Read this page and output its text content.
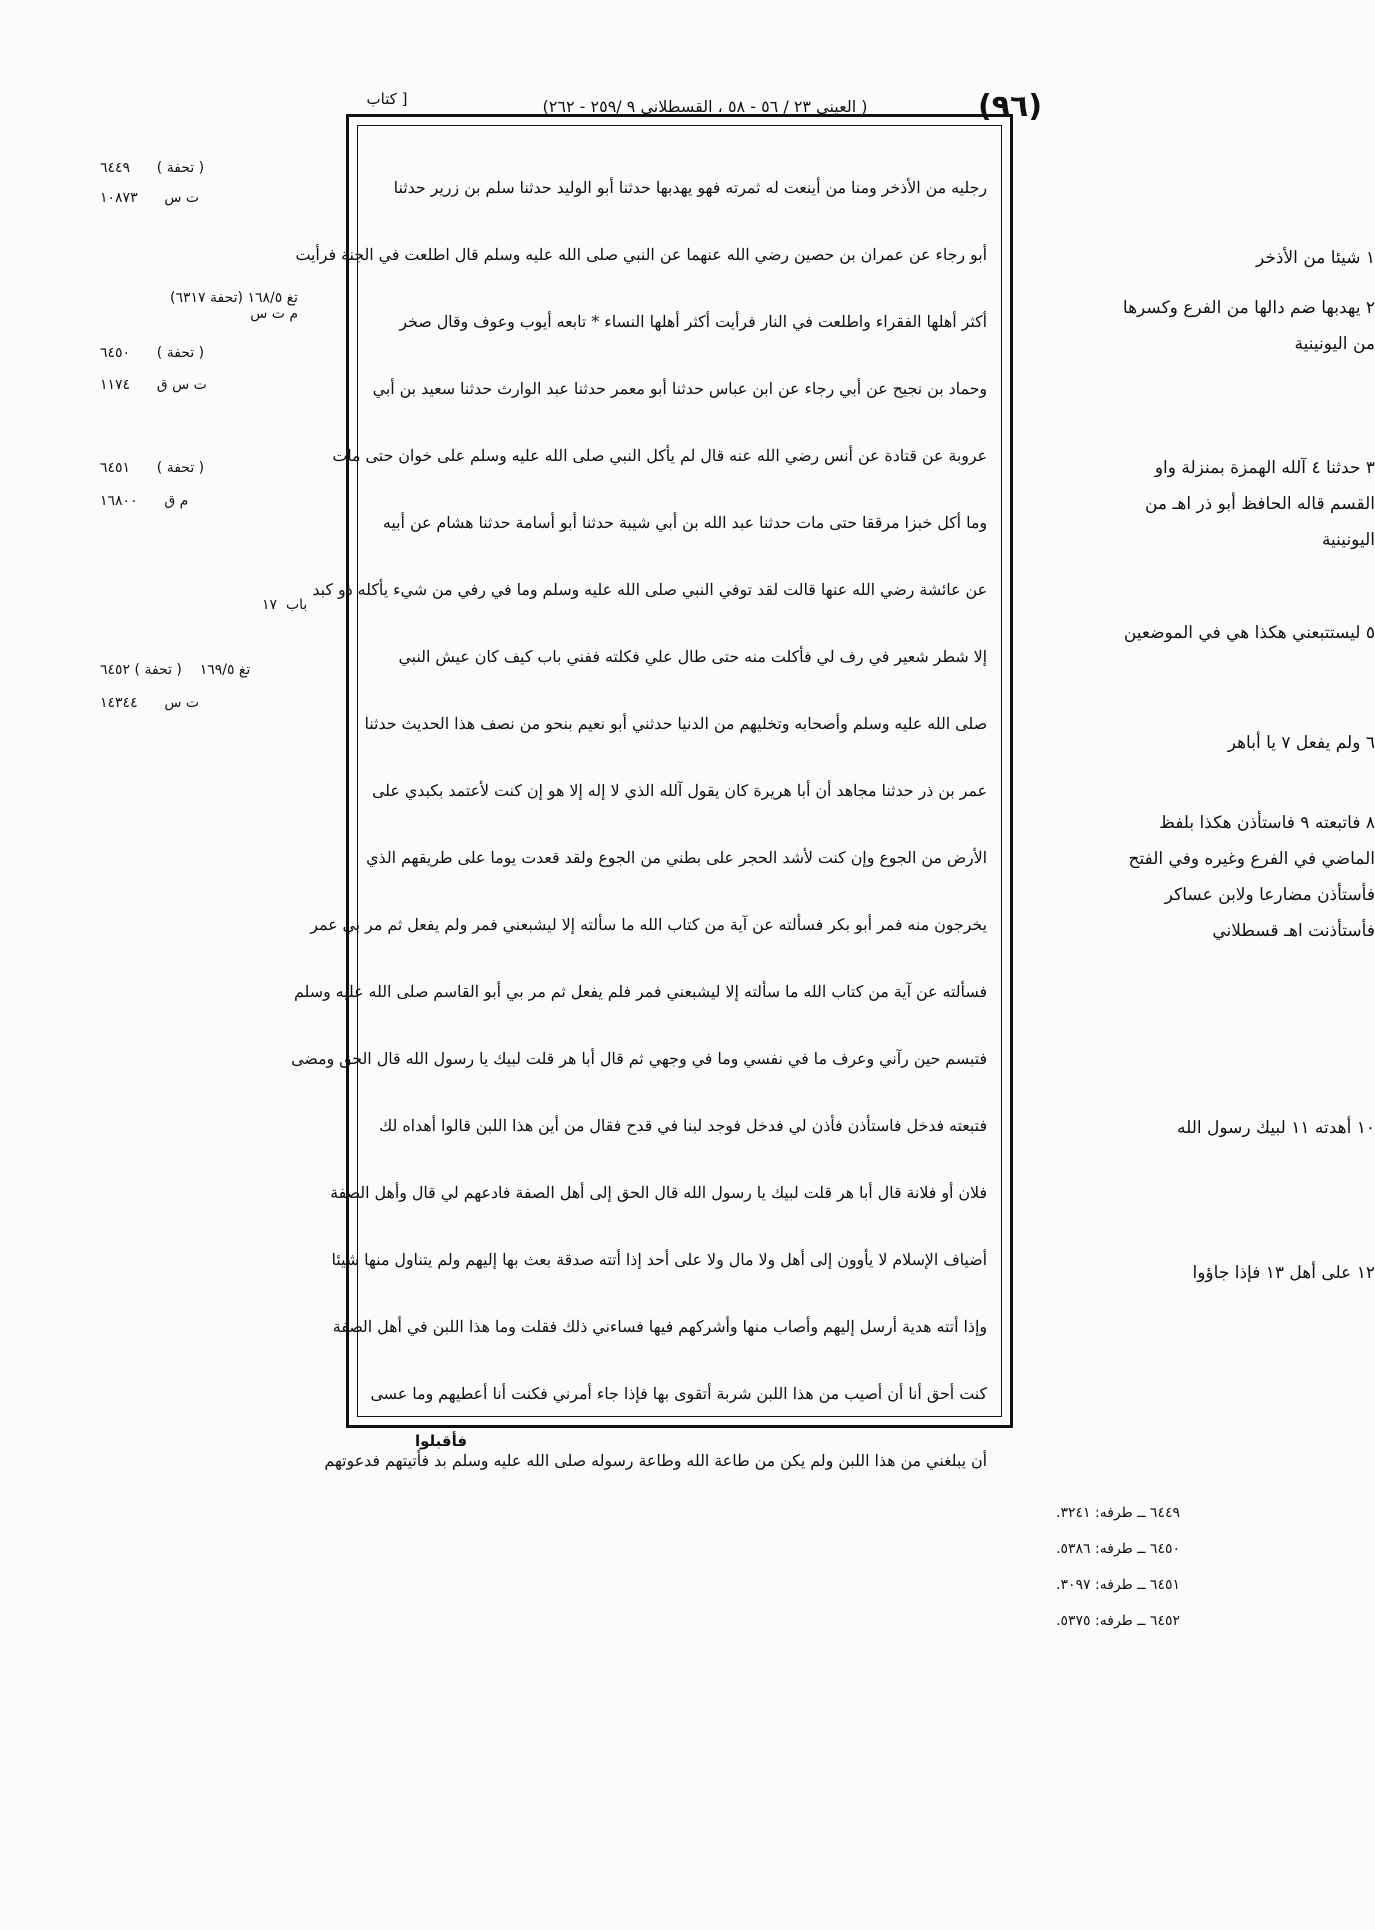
(٩٦)
( العيني ٢٣ / ٥٦ - ٥٨ ، القسطلاني ٩ /٢٥٩ - ٢٦٢)
[ كتاب
رجليه من الأذخر ومنا من أينعت له ثمرته فهو يهدبها حدثنا أبو الوليد حدثنا سلم بن زرير حدثنا
أبو رجاء عن عمران بن حصين رضي الله عنهما عن النبي صلى الله عليه وسلم قال اطلعت في الجنة فرأيت
أكثر أهلها الفقراء واطلعت في النار فرأيت أكثر أهلها النساء * تابعه أيوب وعوف وقال صخر
وحماد بن نجيح عن أبي رجاء عن ابن عباس حدثنا أبو معمر حدثنا عبد الوارث حدثنا سعيد بن أبي
عروبة عن قتادة عن أنس رضي الله عنه قال لم يأكل النبي صلى الله عليه وسلم على خوان حتى مات
وما أكل خبزا مرققا حتى مات حدثنا عبد الله بن أبي شيبة حدثنا أبو أسامة حدثنا هشام عن أبيه
عن عائشة رضي الله عنها قالت لقد توفي النبي صلى الله عليه وسلم وما في رفي من شيء يأكله ذو كبد
إلا شطر شعير في رف لي فأكلت منه حتى طال علي فكلته ففني باب كيف كان عيش النبي
صلى الله عليه وسلم وأصحابه وتخليهم من الدنيا حدثني أبو نعيم بنحو من نصف هذا الحديث حدثنا
عمر بن ذر حدثنا مجاهد أن أبا هريرة كان يقول آلله الذي لا إله إلا هو إن كنت لأعتمد بكبدي على
الأرض من الجوع وإن كنت لأشد الحجر على بطني من الجوع ولقد قعدت يوما على طريقهم الذي
يخرجون منه فمر أبو بكر فسألته عن آية من كتاب الله ما سألته إلا ليشبعني فمر ولم يفعل ثم مر بي عمر
فسألته عن آية من كتاب الله ما سألته إلا ليشبعني فمر فلم يفعل ثم مر بي أبو القاسم صلى الله عليه وسلم
فتبسم حين رآني وعرف ما في نفسي وما في وجهي ثم قال أبا هر قلت لبيك يا رسول الله قال الحق ومضى
فتبعته فدخل فاستأذن فأذن لي فدخل فوجد لبنا في قدح فقال من أين هذا اللبن قالوا أهداه لك
فلان أو فلانة قال أبا هر قلت لبيك يا رسول الله قال الحق إلى أهل الصفة فادعهم لي قال وأهل الصفة
أضياف الإسلام لا يأوون إلى أهل ولا مال ولا على أحد إذا أتته صدقة بعث بها إليهم ولم يتناول منها شيئا
وإذا أتته هدية أرسل إليهم وأصاب منها وأشركهم فيها فساءني ذلك فقلت وما هذا اللبن في أهل الصفة
كنت أحق أنا أن أصيب من هذا اللبن شربة أتقوى بها فإذا جاء أمرني فكنت أنا أعطيهم وما عسى
أن يبلغني من هذا اللبن ولم يكن من طاعة الله وطاعة رسوله صلى الله عليه وسلم بد فأتيتهم فدعوتهم
فأقبلوا
١ شيئا من الأذخر
٢ يهدبها ضم دالها من الفرع وكسرها من اليونينية
٣ حدثنا ٤ آلله الهمزة بمنزلة واو القسم قاله الحافظ أبو ذر اهـ من اليونينية
٥ ليستتبعني هكذا هي في الموضعين
٦ ولم يفعل ٧ يا أباهر
٨ فاتبعته ٩ فاستأذن هكذا بلفظ الماضي في الفرع وغيره وفي الفتح فأستأذن مضارعا ولابن عساكر فأستأذنت اهـ قسطلاني
١٠ أهدته ١١ لبيك رسول الله
١٢ على أهل ١٣ فإذا جاؤوا
( تحفة )      ٦٤٤٩
ت س      ١٠٨٧٣
تغ ١٦٨/٥ (تحفة ٦٣١٧)
م ت س
( تحفة )      ٦٤٥٠
ت س ق      ١١٧٤
( تحفة )      ٦٤٥١
م ق      ١٦٨٠٠
باب  ١٧
تغ ١٦٩/٥    ( تحفة ) ٦٤٥٢
ت س      ١٤٣٤٤
٦٤٤٩ ــ طرفه: ٣٢٤١.
٦٤٥٠ ــ طرفه: ٥٣٨٦.
٦٤٥١ ــ طرفه: ٣٠٩٧.
٦٤٥٢ ــ طرفه: ٥٣٧٥.
